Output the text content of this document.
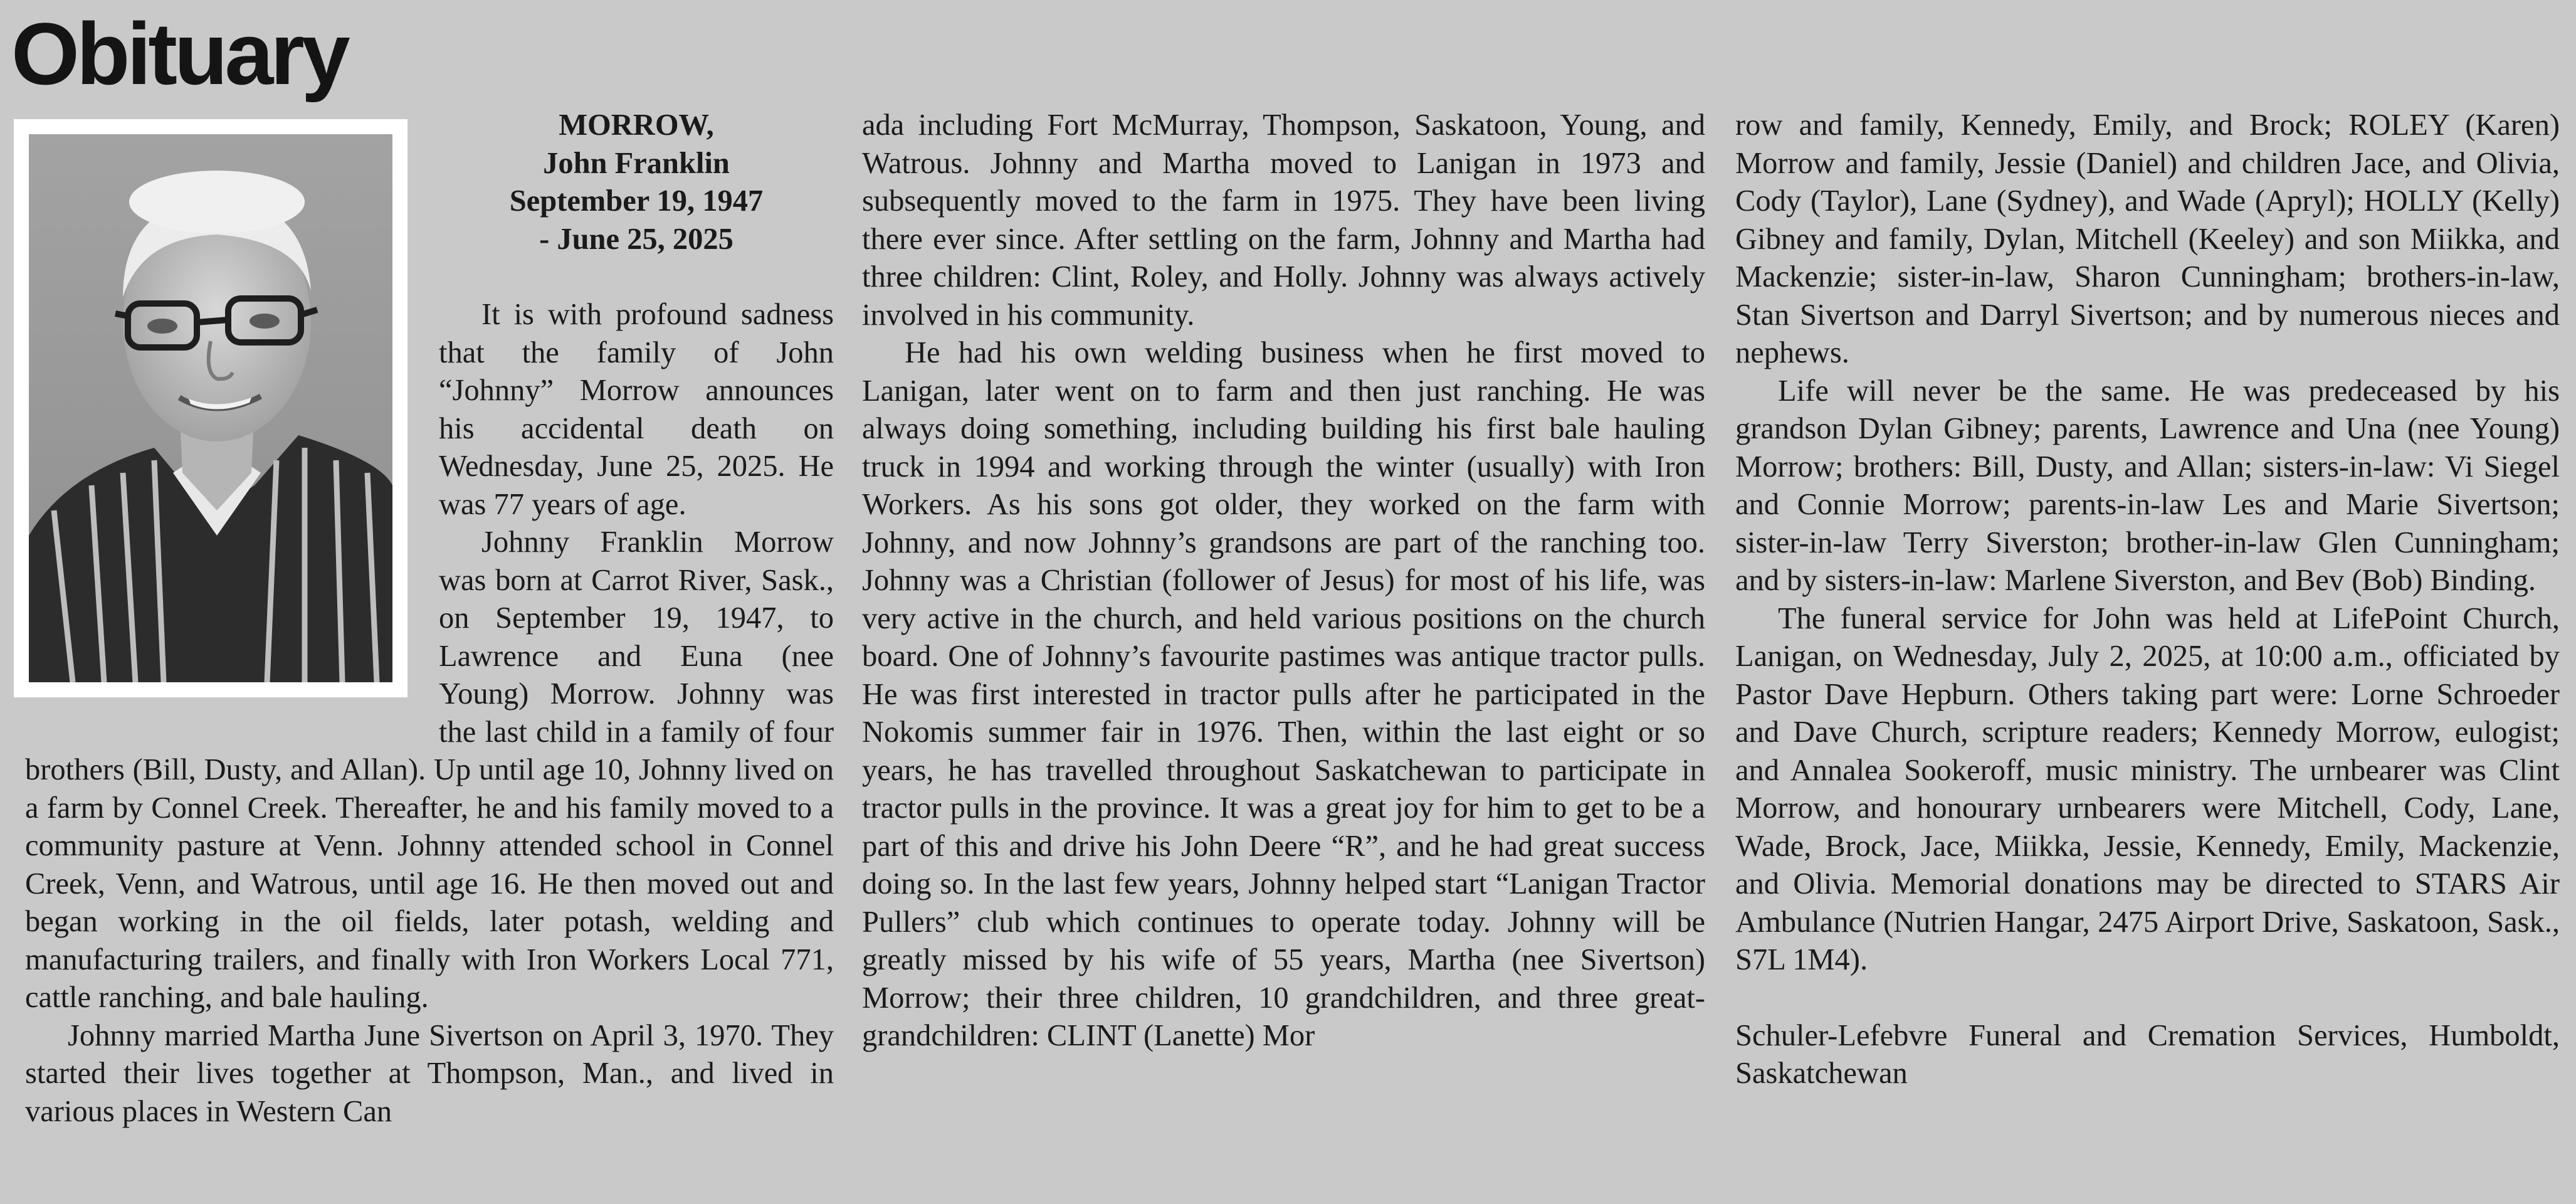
Obituary
MORROW,
John Franklin
September 19, 1947
- June 25, 2025

It is with profound sadness that the family of John “Johnny” Morrow announces his accidental death on Wednesday, June 25, 2025. He was 77 years of age.

Johnny Franklin Morrow was born at Carrot River, Sask., on September 19, 1947, to Lawrence and Euna (nee Young) Morrow. Johnny was the last child in a family of four brothers (Bill, Dusty, and Allan). Up until age 10, Johnny lived on a farm by Connel Creek. Thereafter, he and his family moved to a community pasture at Venn. Johnny attended school in Connel Creek, Venn, and Watrous, until age 16. He then moved out and began working in the oil fields, later potash, welding and manufacturing trailers, and finally with Iron Workers Local 771, cattle ranching, and bale hauling.

Johnny married Martha June Sivertson on April 3, 1970. They started their lives together at Thompson, Man., and lived in various places in Western Can

ada including Fort McMurray, Thompson, Saskatoon, Young, and Watrous. Johnny and Martha moved to Lanigan in 1973 and subsequently moved to the farm in 1975. They have been living there ever since. After settling on the farm, Johnny and Martha had three children: Clint, Roley, and Holly. Johnny was always actively involved in his community.

He had his own welding business when he first moved to Lanigan, later went on to farm and then just ranching. He was always doing something, including building his first bale hauling truck in 1994 and working through the winter (usually) with Iron Workers. As his sons got older, they worked on the farm with Johnny, and now Johnny’s grandsons are part of the ranching too. Johnny was a Christian (follower of Jesus) for most of his life, was very active in the church, and held various positions on the church board. One of Johnny’s favourite pastimes was antique tractor pulls. He was first interested in tractor pulls after he participated in the Nokomis summer fair in 1976. Then, within the last eight or so years, he has travelled throughout Saskatchewan to participate in tractor pulls in the province. It was a great joy for him to get to be a part of this and drive his John Deere “R”, and he had great success doing so. In the last few years, Johnny helped start “Lanigan Tractor Pullers” club which continues to operate today. Johnny will be greatly missed by his wife of 55 years, Martha (nee Sivertson) Morrow; their three children, 10 grandchildren, and three great-grandchildren: CLINT (Lanette) Mor

row and family, Kennedy, Emily, and Brock; ROLEY (Karen) Morrow and family, Jessie (Daniel) and children Jace, and Olivia, Cody (Taylor), Lane (Sydney), and Wade (Apryl); HOLLY (Kelly) Gibney and family, Dylan, Mitchell (Keeley) and son Miikka, and Mackenzie; sister-in-law, Sharon Cunningham; brothers-in-law, Stan Sivertson and Darryl Sivertson; and by numerous nieces and nephews.

Life will never be the same. He was predeceased by his grandson Dylan Gibney; parents, Lawrence and Una (nee Young) Morrow; brothers: Bill, Dusty, and Allan; sisters-in-law: Vi Siegel and Connie Morrow; parents-in-law Les and Marie Sivertson; sister-in-law Terry Siverston; brother-in-law Glen Cunningham; and by sisters-in-law: Marlene Siverston, and Bev (Bob) Binding.

The funeral service for John was held at LifePoint Church, Lanigan, on Wednesday, July 2, 2025, at 10:00 a.m., officiated by Pastor Dave Hepburn. Others taking part were: Lorne Schroeder and Dave Church, scripture readers; Kennedy Morrow, eulogist; and Annalea Sookeroff, music ministry. The urnbearer was Clint Morrow, and honourary urnbearers were Mitchell, Cody, Lane, Wade, Brock, Jace, Miikka, Jessie, Kennedy, Emily, Mackenzie, and Olivia. Memorial donations may be directed to STARS Air Ambulance (Nutrien Hangar, 2475 Airport Drive, Saskatoon, Sask., S7L 1M4).

Schuler-Lefebvre Funeral and Cremation Services, Humboldt, Saskatchewan
